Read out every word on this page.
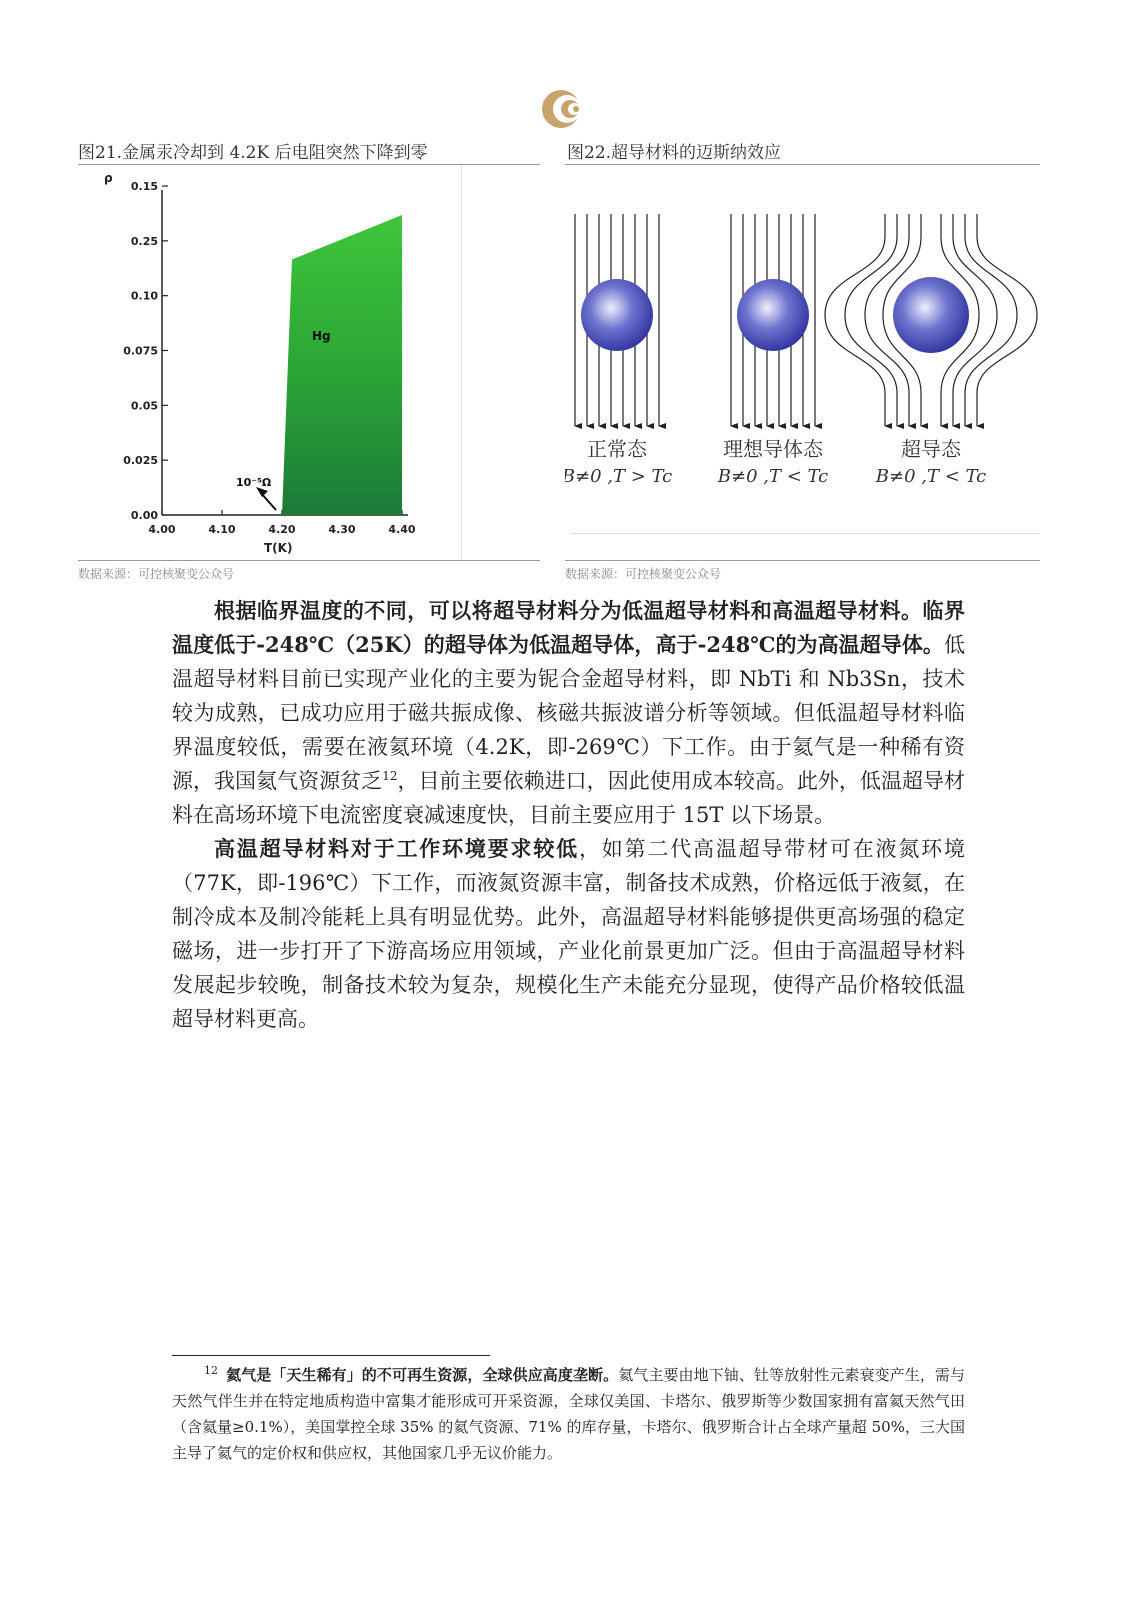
图21.金属汞冷却到 4.2K 后电阻突然下降到零	图22.超导材料的迈斯纳效应
ρ
0.00
0.025
0.05
0.075
0.10
0.25
0.15
4.00	4.10	4.20	4.30	4.40
Hg
10⁻⁵Ω
T(K)
正常态
B≠0 ,T > Tc
理想导体态
B≠0 ,T < Tc
超导态
B≠0 ,T < Tc
数据来源：可控核聚变公众号	数据来源：可控核聚变公众号

根据临界温度的不同，可以将超导材料分为低温超导材料和高温超导材料。临界温度低于-248℃（25K）的超导体为低温超导体，高于-248℃的为高温超导体。低温超导材料目前已实现产业化的主要为铌合金超导材料，即 NbTi 和 Nb3Sn，技术较为成熟，已成功应用于磁共振成像、核磁共振波谱分析等领域。但低温超导材料临界温度较低，需要在液氦环境（4.2K，即-269℃）下工作。由于氦气是一种稀有资源，我国氦气资源贫乏$^{12}$，目前主要依赖进口，因此使用成本较高。此外，低温超导材料在高场环境下电流密度衰减速度快，目前主要应用于 15T 以下场景。

高温超导材料对于工作环境要求较低，如第二代高温超导带材可在液氮环境（77K，即-196℃）下工作，而液氮资源丰富，制备技术成熟，价格远低于液氦，在制冷成本及制冷能耗上具有明显优势。此外，高温超导材料能够提供更高场强的稳定磁场，进一步打开了下游高场应用领域，产业化前景更加广泛。但由于高温超导材料发展起步较晚，制备技术较为复杂，规模化生产未能充分显现，使得产品价格较低温超导材料更高。

$^{12}$ 氦气是「天生稀有」的不可再生资源，全球供应高度垄断。氦气主要由地下铀、钍等放射性元素衰变产生，需与天然气伴生并在特定地质构造中富集才能形成可开采资源，全球仅美国、卡塔尔、俄罗斯等少数国家拥有富氦天然气田（含氦量≥0.1%），美国掌控全球 35% 的氦气资源、71% 的库存量，卡塔尔、俄罗斯合计占全球产量超 50%，三大国主导了氦气的定价权和供应权，其他国家几乎无议价能力。
